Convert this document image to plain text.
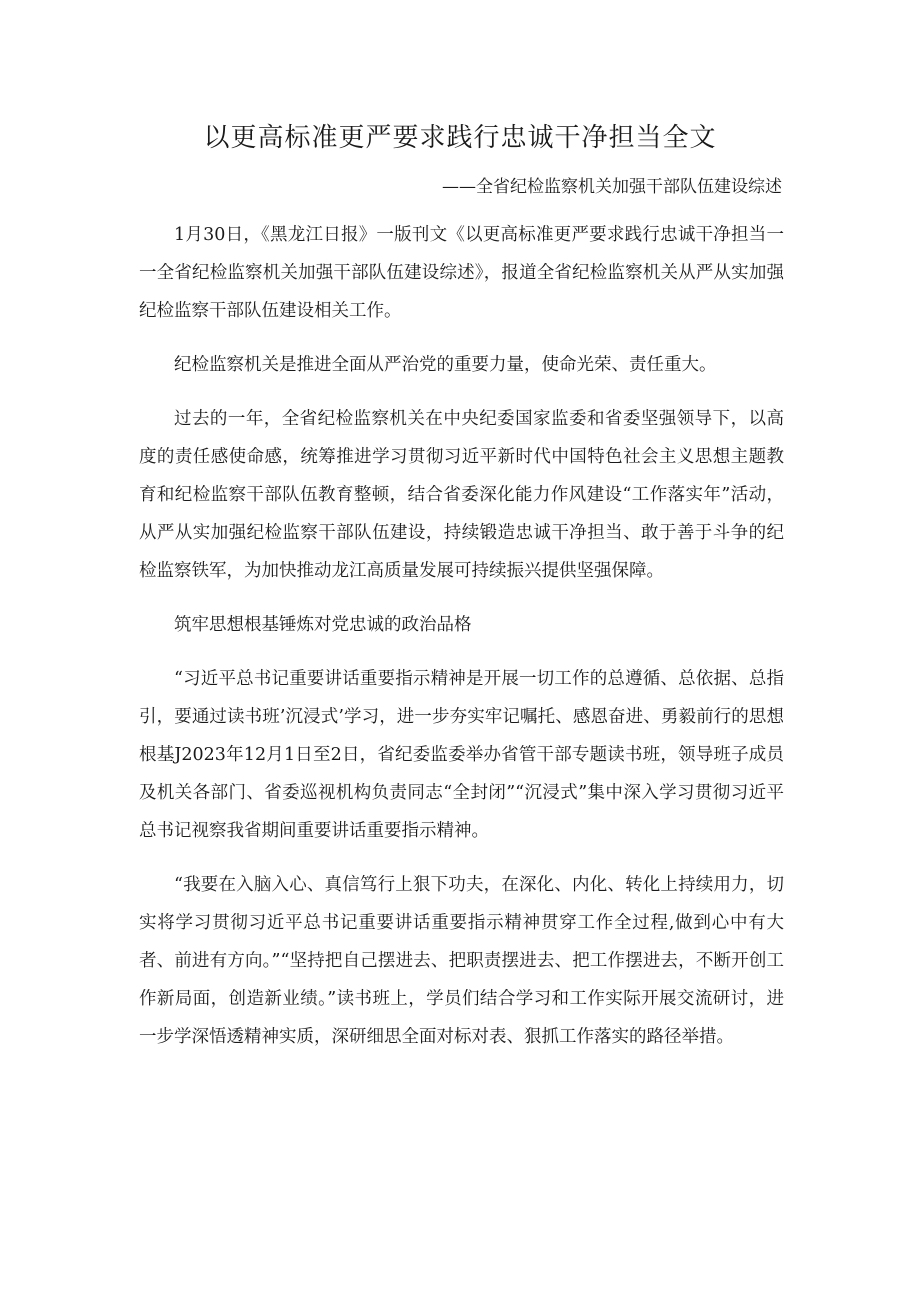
以更高标准更严要求践行忠诚干净担当全文

——全省纪检监察机关加强干部队伍建设综述

1月30日，《黑龙江日报》一版刊文《以更高标准更严要求践行忠诚干净担当一一全省纪检监察机关加强干部队伍建设综述》，报道全省纪检监察机关从严从实加强纪检监察干部队伍建设相关工作。

纪检监察机关是推进全面从严治党的重要力量，使命光荣、责任重大。

过去的一年，全省纪检监察机关在中央纪委国家监委和省委坚强领导下，以高度的责任感使命感，统筹推进学习贯彻习近平新时代中国特色社会主义思想主题教育和纪检监察干部队伍教育整顿，结合省委深化能力作风建设“工作落实年”活动，从严从实加强纪检监察干部队伍建设，持续锻造忠诚干净担当、敢于善于斗争的纪检监察铁军，为加快推动龙江高质量发展可持续振兴提供坚强保障。

筑牢思想根基锤炼对党忠诚的政治品格

“习近平总书记重要讲话重要指示精神是开展一切工作的总遵循、总依据、总指引，要通过读书班’沉浸式’学习，进一步夯实牢记嘱托、感恩奋进、勇毅前行的思想根基J2023年12月1日至2日，省纪委监委举办省管干部专题读书班，领导班子成员及机关各部门、省委巡视机构负责同志“全封闭”“沉浸式”集中深入学习贯彻习近平总书记视察我省期间重要讲话重要指示精神。

“我要在入脑入心、真信笃行上狠下功夫，在深化、内化、转化上持续用力，切实将学习贯彻习近平总书记重要讲话重要指示精神贯穿工作全过程,做到心中有大者、前进有方向。”“坚持把自己摆进去、把职责摆进去、把工作摆进去，不断开创工作新局面，创造新业绩。”读书班上，学员们结合学习和工作实际开展交流研讨，进一步学深悟透精神实质，深研细思全面对标对表、狠抓工作落实的路径举措。
